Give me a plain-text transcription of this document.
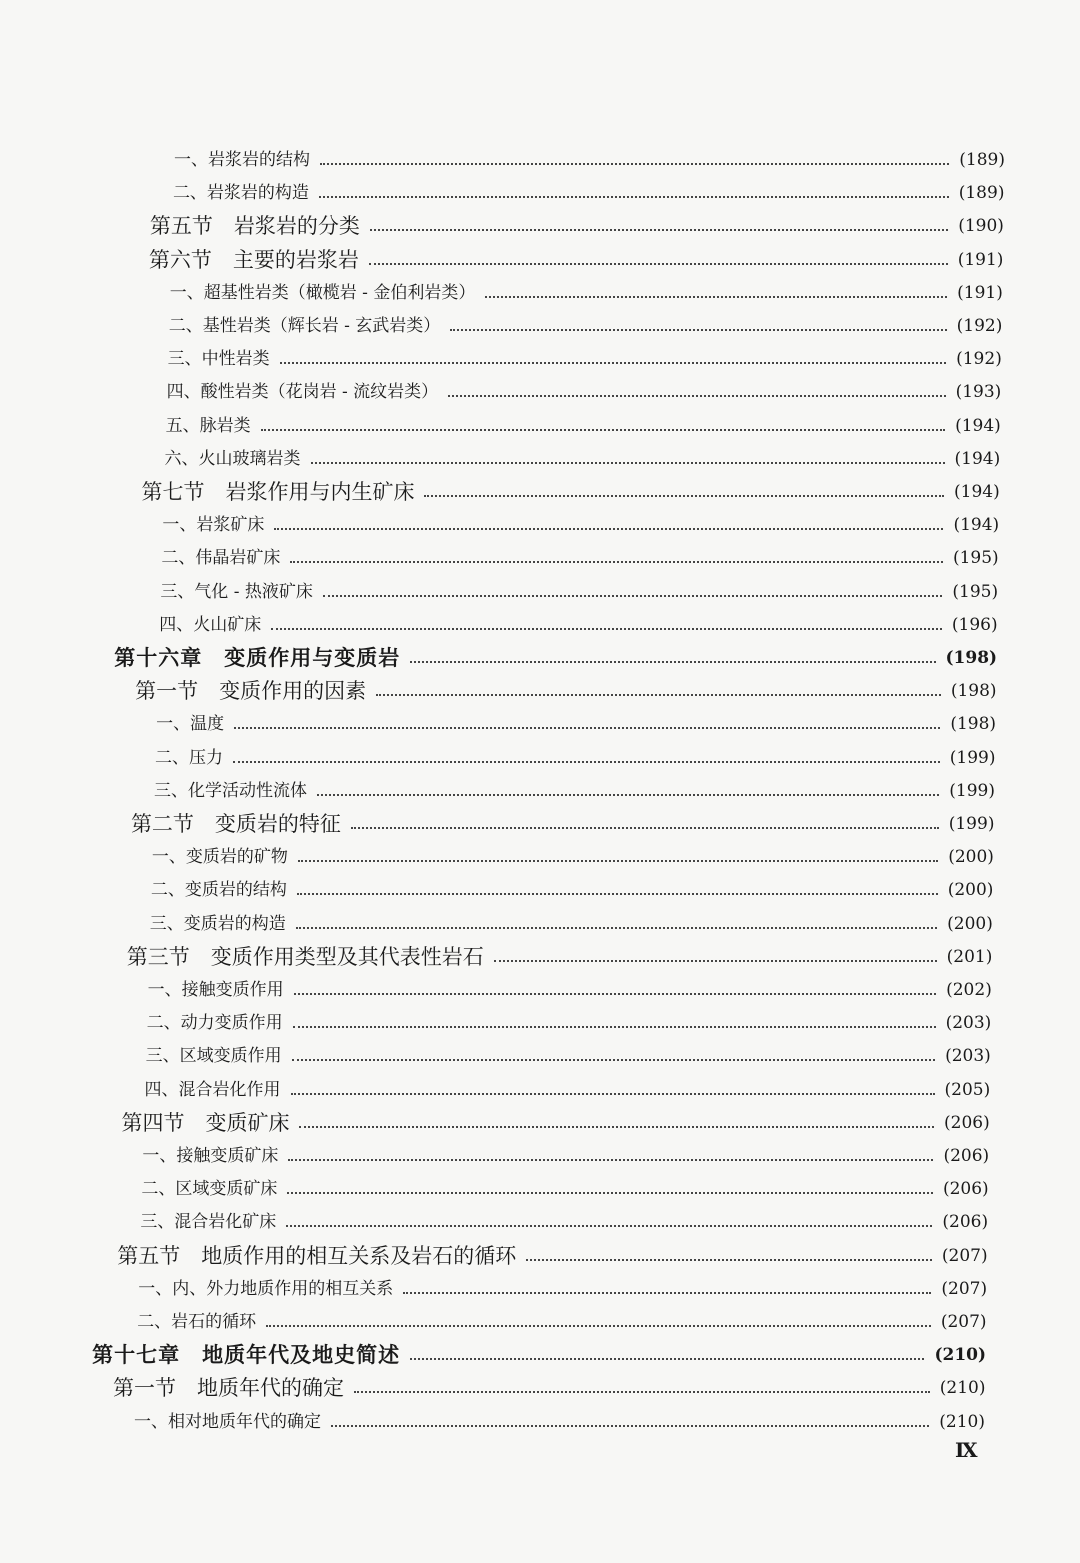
一、岩浆岩的结构	(189)
二、岩浆岩的构造	(189)
第五节　岩浆岩的分类	(190)
第六节　主要的岩浆岩	(191)
一、超基性岩类（橄榄岩 - 金伯利岩类）	(191)
二、基性岩类（辉长岩 - 玄武岩类）	(192)
三、中性岩类	(192)
四、酸性岩类（花岗岩 - 流纹岩类）	(193)
五、脉岩类	(194)
六、火山玻璃岩类	(194)
第七节　岩浆作用与内生矿床	(194)
一、岩浆矿床	(194)
二、伟晶岩矿床	(195)
三、气化 - 热液矿床	(195)
四、火山矿床	(196)
第十六章　变质作用与变质岩	(198)
第一节　变质作用的因素	(198)
一、温度	(198)
二、压力	(199)
三、化学活动性流体	(199)
第二节　变质岩的特征	(199)
一、变质岩的矿物	(200)
二、变质岩的结构	(200)
三、变质岩的构造	(200)
第三节　变质作用类型及其代表性岩石	(201)
一、接触变质作用	(202)
二、动力变质作用	(203)
三、区域变质作用	(203)
四、混合岩化作用	(205)
第四节　变质矿床	(206)
一、接触变质矿床	(206)
二、区域变质矿床	(206)
三、混合岩化矿床	(206)
第五节　地质作用的相互关系及岩石的循环	(207)
一、内、外力地质作用的相互关系	(207)
二、岩石的循环	(207)
第十七章　地质年代及地史简述	(210)
第一节　地质年代的确定	(210)
一、相对地质年代的确定	(210)
Ⅸ
